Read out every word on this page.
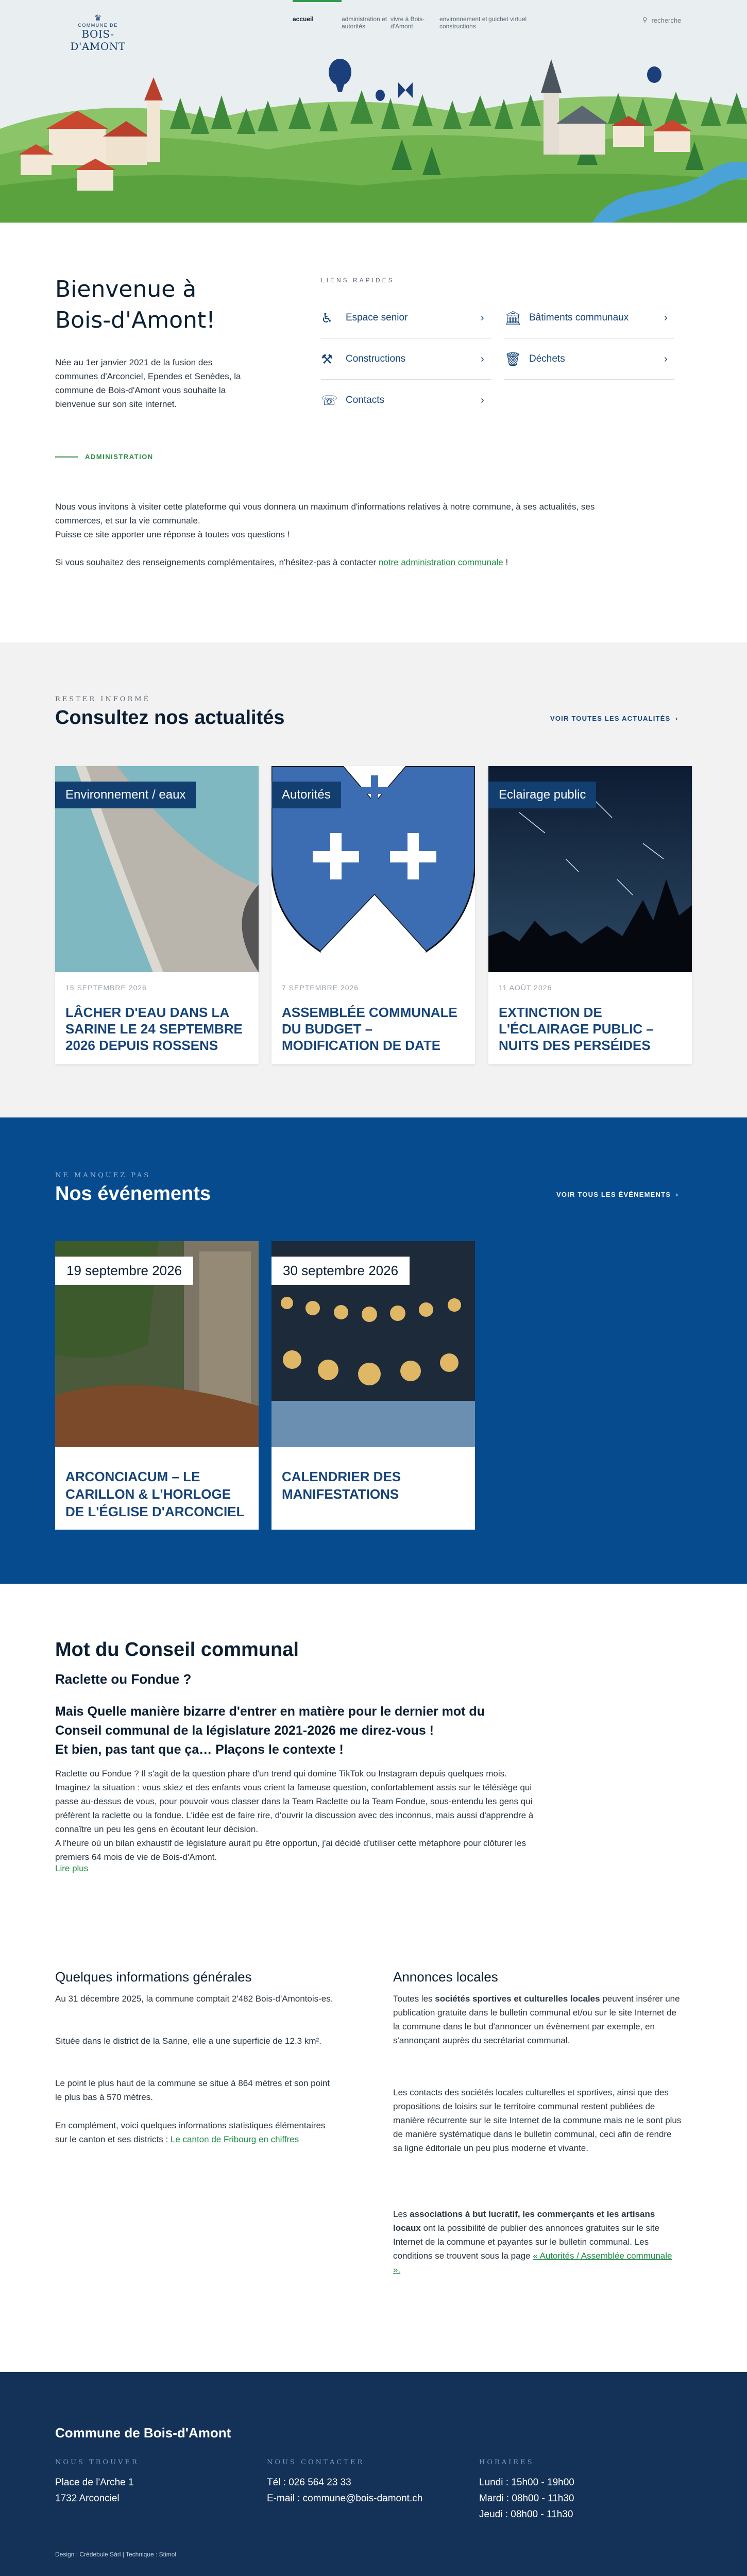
♛
COMMUNE DE
BOIS-D'AMONT
accueil	administration et autorités
vivre à Bois-d'Amont
environnement et constructions
guichet virtuel	⚲ recherche
Bienvenue à Bois-d'Amont!

Née au 1er janvier 2021 de la fusion des communes d'Arconciel, Ependes et Senèdes, la commune de Bois-d'Amont vous souhaite la bienvenue sur son site internet.

ADMINISTRATION
LIENS RAPIDES
♿	Espace senior	›	🏛 Bâtiments communaux	›
⚒	Constructions	›	🗑 Déchets	›
☏ Contacts	›

Nous vous invitons à visiter cette plateforme qui vous donnera un maximum d'informations relatives à notre commune, à ses actualités, ses commerces, et sur la vie communale.
Puisse ce site apporter une réponse à toutes vos questions !

Si vous souhaitez des renseignements complémentaires, n'hésitez-pas à contacter notre administration communale !

RESTER INFORMÉ
Consultez nos actualités	VOIR TOUTES LES ACTUALITÉS  ›
Environnement / eaux
15 SEPTEMBRE 2026
LÂCHER D'EAU DANS LA SARINE LE 24 SEPTEMBRE 2026 DEPUIS ROSSENS
Autorités
7 SEPTEMBRE 2026
ASSEMBLÉE COMMUNALE DU BUDGET – MODIFICATION DE DATE
Eclairage public
11 AOÛT 2026
EXTINCTION DE L'ÉCLAIRAGE PUBLIC – NUITS DES PERSÉIDES
NE MANQUEZ PAS
Nos événements	VOIR TOUS LES ÉVÉNEMENTS  ›
19 septembre 2026
ARCONCIACUM – LE CARILLON & L'HORLOGE DE L'ÉGLISE D'ARCONCIEL
30 septembre 2026
CALENDRIER DES MANIFESTATIONS
Mot du Conseil communal
Raclette ou Fondue ?
Mais Quelle manière bizarre d'entrer en matière pour le dernier mot du Conseil communal de la législature 2021-2026 me direz-vous !
Et bien, pas tant que ça… Plaçons le contexte !

Raclette ou Fondue ? Il s'agit de la question phare d'un trend qui domine TikTok ou Instagram depuis quelques mois. Imaginez la situation : vous skiez et des enfants vous crient la fameuse question, confortablement assis sur le télésiège qui passe au-dessus de vous, pour pouvoir vous classer dans la Team Raclette ou la Team Fondue, sous-entendu les gens qui préfèrent la raclette ou la fondue. L'idée est de faire rire, d'ouvrir la discussion avec des inconnus, mais aussi d'apprendre à connaître un peu les gens en écoutant leur décision.

A l'heure où un bilan exhaustif de législature aurait pu être opportun, j'ai décidé d'utiliser cette métaphore pour clôturer les premiers 64 mois de vie de Bois-d'Amont.

Lire plus
Quelques informations générales

Au 31 décembre 2025, la commune comptait 2'482 Bois-d'Amontois-es.

Située dans le district de la Sarine, elle a une superficie de 12.3 km².

Le point le plus haut de la commune se situe à 864 mètres et son point le plus bas à 570 mètres.

En complément, voici quelques informations statistiques élémentaires sur le canton et ses districts : Le canton de Fribourg en chiffres

Annonces locales

Toutes les sociétés sportives et culturelles locales peuvent insérer une publication gratuite dans le bulletin communal et/ou sur le site Internet de la commune dans le but d'annoncer un évènement par exemple, en s'annonçant auprès du secrétariat communal.

Les contacts des sociétés locales culturelles et sportives, ainsi que des propositions de loisirs sur le territoire communal restent publiées de manière récurrente sur le site Internet de la commune mais ne le sont plus de manière systématique dans le bulletin communal, ceci afin de rendre sa ligne éditoriale un peu plus moderne et vivante.

Les associations à but lucratif, les commerçants et les artisans locaux ont la possibilité de publier des annonces gratuites sur le site Internet de la commune et payantes sur le bulletin communal. Les conditions se trouvent sous la page « Autorités / Assemblée communale ».

Commune de Bois-d'Amont
NOUS TROUVER
Place de l'Arche 1
1732 Arconciel
NOUS CONTACTER
Tél : 026 564 23 33
E-mail : commune@bois-damont.ch
HORAIRES
Lundi : 15h00 - 19h00
Mardi : 08h00 - 11h30
Jeudi : 08h00 - 11h30
Design : Crèdebule Sàrl | Technique : Stimol
